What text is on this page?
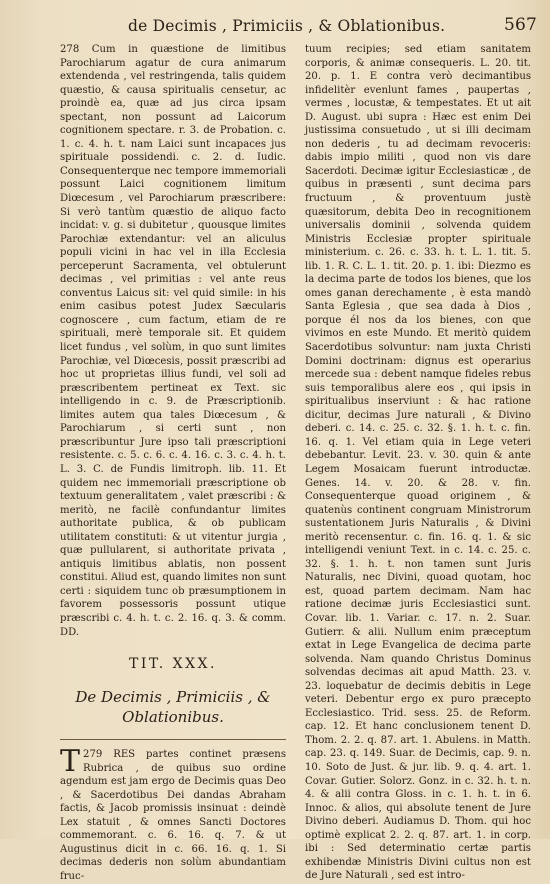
de Decimis , Primiciis , & Oblationibus.	567

278 Cum in quæstione de limitibus Parochiarum agatur de cura animarum extendenda , vel restringenda, talis quidem quæstio, & causa spiritualis censetur, ac proindè ea, quæ ad jus circa ipsam spectant, non possunt ad Laicorum cognitionem spectare. r. 3. de Probation. c. 1. c. 4. h. t. nam Laici sunt incapaces jus spirituale possidendi. c. 2. d. Iudic. Consequenterque nec tempore immemoriali possunt Laici cognitionem limitum Diœcesum , vel Parochiarum præscribere: Si verò tantùm quæstio de aliquo facto incidat: v. g. si dubitetur , quousque limites Parochiæ extendantur: vel an aliculus populi vicini in hac vel in illa Ecclesia perceperunt Sacramenta, vel obtulerunt decimas , vel primitias : vel ante reus conventus Laicus sit: vel quid simile: in his enim casibus potest Judex Sæcularis cognoscere , cum factum, etiam de re spirituali, merè temporale sit. Et quidem licet fundus , vel solùm, in quo sunt limites Parochiæ, vel Diœcesis, possit præscribi ad hoc ut proprietas illius fundi, vel soli ad præscribentem pertineat ex Text. sic intelligendo in c. 9. de Præscriptionib. limites autem qua tales Diœcesum , & Parochiarum , si certi sunt , non præscribuntur Jure ipso tali præscriptioni resistente. c. 5. c. 6. c. 4. 16. c. 3. c. 4. h. t. L. 3. C. de Fundis limitroph. lib. 11. Et quidem nec immemoriali præscriptione ob textuum generalitatem , valet præscribi : & meritò, ne facilè confundantur limites authoritate publica, & ob publicam utilitatem constituti: & ut vitentur jurgia , quæ pullularent, si authoritate privata , antiquis limitibus ablatis, non possent constitui. Aliud est, quando limites non sunt certi : siquidem tunc ob præsumptionem in favorem possessoris possunt utique præscribi c. 4. h. t. c. 2. 16. q. 3. & comm. DD.

TIT. XXX.
De Decimis , Primiciis , &
Oblationibus.

279
T	RES partes continet præsens Rubrica , de quibus suo ordine agendum est jam ergo de Decimis quas Deo , & Sacerdotibus Dei dandas Abraham factis, & Jacob promissis insinuat : deindè Lex statuit , & omnes Sancti Doctores commemorant. c. 6. 16. q. 7. & ut Augustinus dicit in c. 66. 16. q. 1. Si decimas dederis non solùm abundantiam fruc-

tuum recipies; sed etiam sanitatem corporis, & animæ consequeris. L. 20. tit. 20. p. 1. E contra verò decimantibus infidelitèr evenlunt fames , paupertas , vermes , locustæ, & tempestates. Et ut ait D. August. ubi supra : Hæc est enim Dei justissima consuetudo , ut si illi decimam non dederis , tu ad decimam revoceris: dabis impio militi , quod non vis dare Sacerdoti. Decimæ igitur Ecclesiasticæ , de quibus in præsenti , sunt decima pars fructuum , & proventuum justè quæsitorum, debita Deo in recognitionem universalis dominii , solvenda quidem Ministris Ecclesiæ propter spirituale ministerium. c. 26. c. 33. h. t. L. 1. tit. 5. lib. 1. R. C. L. 1. tit. 20. p. 1. ibi: Diezmo es la decima parte de todos los bienes, que los omes ganan derechamente , è esta mandò Santa Eglesia , que sea dada à Dios , porque él nos da los bienes, con que vivimos en este Mundo. Et meritò quidem Sacerdotibus solvuntur: nam juxta Christi Domini doctrinam: dignus est operarius mercede sua : debent namque fideles rebus suis temporalibus alere eos , qui ipsis in spiritualibus inserviunt : & hac ratione dicitur, decimas Jure naturali , & Divino deberi. c. 14. c. 25. c. 32. §. 1. h. t. c. fin. 16. q. 1. Vel etiam quia in Lege veteri debebantur. Levit. 23. v. 30. quin & ante Legem Mosaicam fuerunt introductæ. Genes. 14. v. 20. & 28. v. fin. Consequenterque quoad originem , & quatenùs continent congruam Ministrorum sustentationem Juris Naturalis , & Divini meritò recensentur. c. fin. 16. q. 1. & sic intelligendi veniunt Text. in c. 14. c. 25. c. 32. §. 1. h. t. non tamen sunt Juris Naturalis, nec Divini, quoad quotam, hoc est, quoad partem decimam. Nam hac ratione decimæ juris Ecclesiastici sunt. Covar. lib. 1. Variar. c. 17. n. 2. Suar. Gutierr. & alii. Nullum enim præceptum extat in Lege Evangelica de decima parte solvenda. Nam quando Christus Dominus solvendas decimas ait apud Matth. 23. v. 23. loquebatur de decimis debitis in Lege veteri. Debentur ergo ex puro præcepto Ecclesiastico. Trid. sess. 25. de Reform. cap. 12. Et hanc conclusionem tenent D. Thom. 2. 2. q. 87. art. 1. Abulens. in Matth. cap. 23. q. 149. Suar. de Decimis, cap. 9. n. 10. Soto de Just. & jur. lib. 9. q. 4. art. 1. Covar. Gutier. Solorz. Gonz. in c. 32. h. t. n. 4. & alii contra Gloss. in c. 1. h. t. in 6. Innoc. & alios, qui absolute tenent de Jure Divino deberi. Audiamus D. Thom. qui hoc optimè explicat 2. 2. q. 87. art. 1. in corp. ibi : Sed determinatio certæ partis exhibendæ Ministris Divini cultus non est de Jure Naturali , sed est intro-
